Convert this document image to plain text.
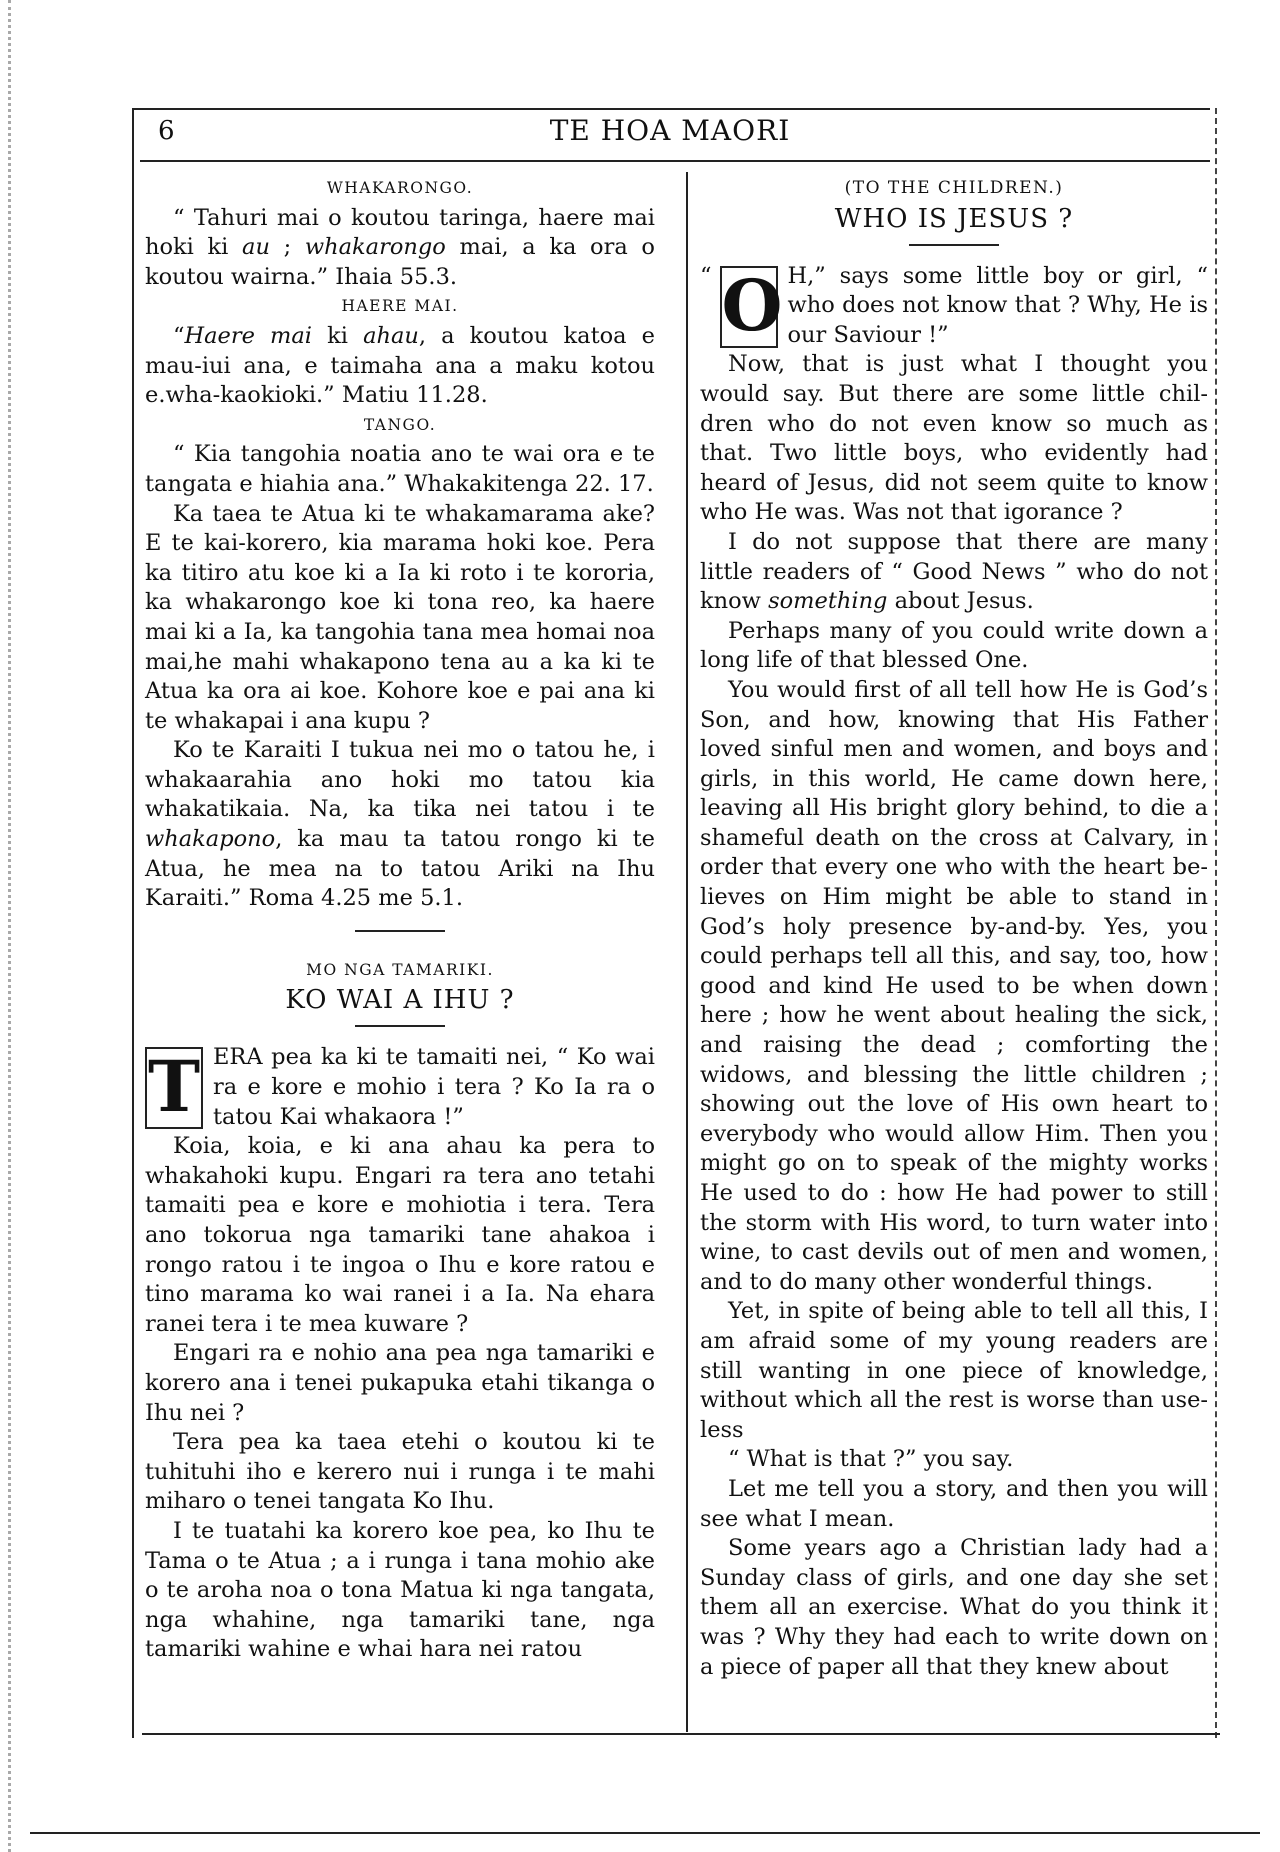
6	TE HOA MAORI
WHAKARONGO.

“ Tahuri mai o koutou taringa, haere mai hoki ki au ; whakarongo mai, a ka ora o koutou wairna.” Ihaia 55.3.

HAERE MAI.

“Haere mai ki ahau, a koutou katoa e mau-iui ana, e taimaha ana a maku kotou e.wha-kaokioki.” Matiu 11.28.

TANGO.

“ Kia tangohia noatia ano te wai ora e te tangata e hiahia ana.” Whakakitenga 22. 17.

Ka taea te Atua ki te whakamarama ake? E te kai-korero, kia marama hoki koe. Pera ka titiro atu koe ki a Ia ki roto i te kororia, ka whakarongo koe ki tona reo, ka haere mai ki a Ia, ka tangohia tana mea homai noa mai,he mahi whakapono tena au a ka ki te Atua ka ora ai koe. Kohore koe e pai ana ki te whakapai i ana kupu ?

Ko te Karaiti I tukua nei mo o tatou he, i whakaarahia ano hoki mo tatou kia whakatikaia. Na, ka tika nei tatou i te whakapono, ka mau ta tatou rongo ki te Atua, he mea na to tatou Ariki na Ihu Karaiti.” Roma 4.25 me 5.1.

MO NGA TAMARIKI.
KO WAI A IHU ?
T ERA pea ka ki te tamaiti nei, “ Ko wai ra e kore e mohio i tera ? Ko Ia ra o tatou Kai whakaora !”

Koia, koia, e ki ana ahau ka pera to whakahoki kupu. Engari ra tera ano tetahi tamaiti pea e kore e mohiotia i tera. Tera ano tokorua nga tamariki tane ahakoa i rongo ratou i te ingoa o Ihu e kore ratou e tino marama ko wai ranei i a Ia. Na ehara ranei tera i te mea kuware ?

Engari ra e nohio ana pea nga tamariki e korero ana i tenei pukapuka etahi tikanga o Ihu nei ?

Tera pea ka taea etehi o koutou ki te tuhituhi iho e kerero nui i runga i te mahi miharo o tenei tangata Ko Ihu.

I te tuatahi ka korero koe pea, ko Ihu te Tama o te Atua ; a i runga i tana mohio ake o te aroha noa o tona Matua ki nga tangata, nga whahine, nga tamariki tane, nga tamariki wahine e whai hara nei ratou

(TO THE CHILDREN.)
WHO IS JESUS ?
“ O H,” says some little boy or girl, “ who does not know that ? Why, He is our Saviour !”

Now, that is just what I thought you would say. But there are some little chil-dren who do not even know so much as that. Two little boys, who evidently had heard of Jesus, did not seem quite to know who He was. Was not that igorance ?

I do not suppose that there are many little readers of “ Good News ” who do not know something about Jesus.

Perhaps many of you could write down a long life of that blessed One.

You would first of all tell how He is God’s Son, and how, knowing that His Father loved sinful men and women, and boys and girls, in this world, He came down here, leaving all His bright glory behind, to die a shameful death on the cross at Calvary, in order that every one who with the heart be-lieves on Him might be able to stand in God’s holy presence by-and-by. Yes, you could perhaps tell all this, and say, too, how good and kind He used to be when down here ; how he went about healing the sick, and raising the dead ; comforting the widows, and blessing the little children ; showing out the love of His own heart to everybody who would allow Him. Then you might go on to speak of the mighty works He used to do : how He had power to still the storm with His word, to turn water into wine, to cast devils out of men and women, and to do many other wonderful things.

Yet, in spite of being able to tell all this, I am afraid some of my young readers are still wanting in one piece of knowledge, without which all the rest is worse than use-less

“ What is that ?” you say.

Let me tell you a story, and then you will see what I mean.

Some years ago a Christian lady had a Sunday class of girls, and one day she set them all an exercise. What do you think it was ? Why they had each to write down on a piece of paper all that they knew about
